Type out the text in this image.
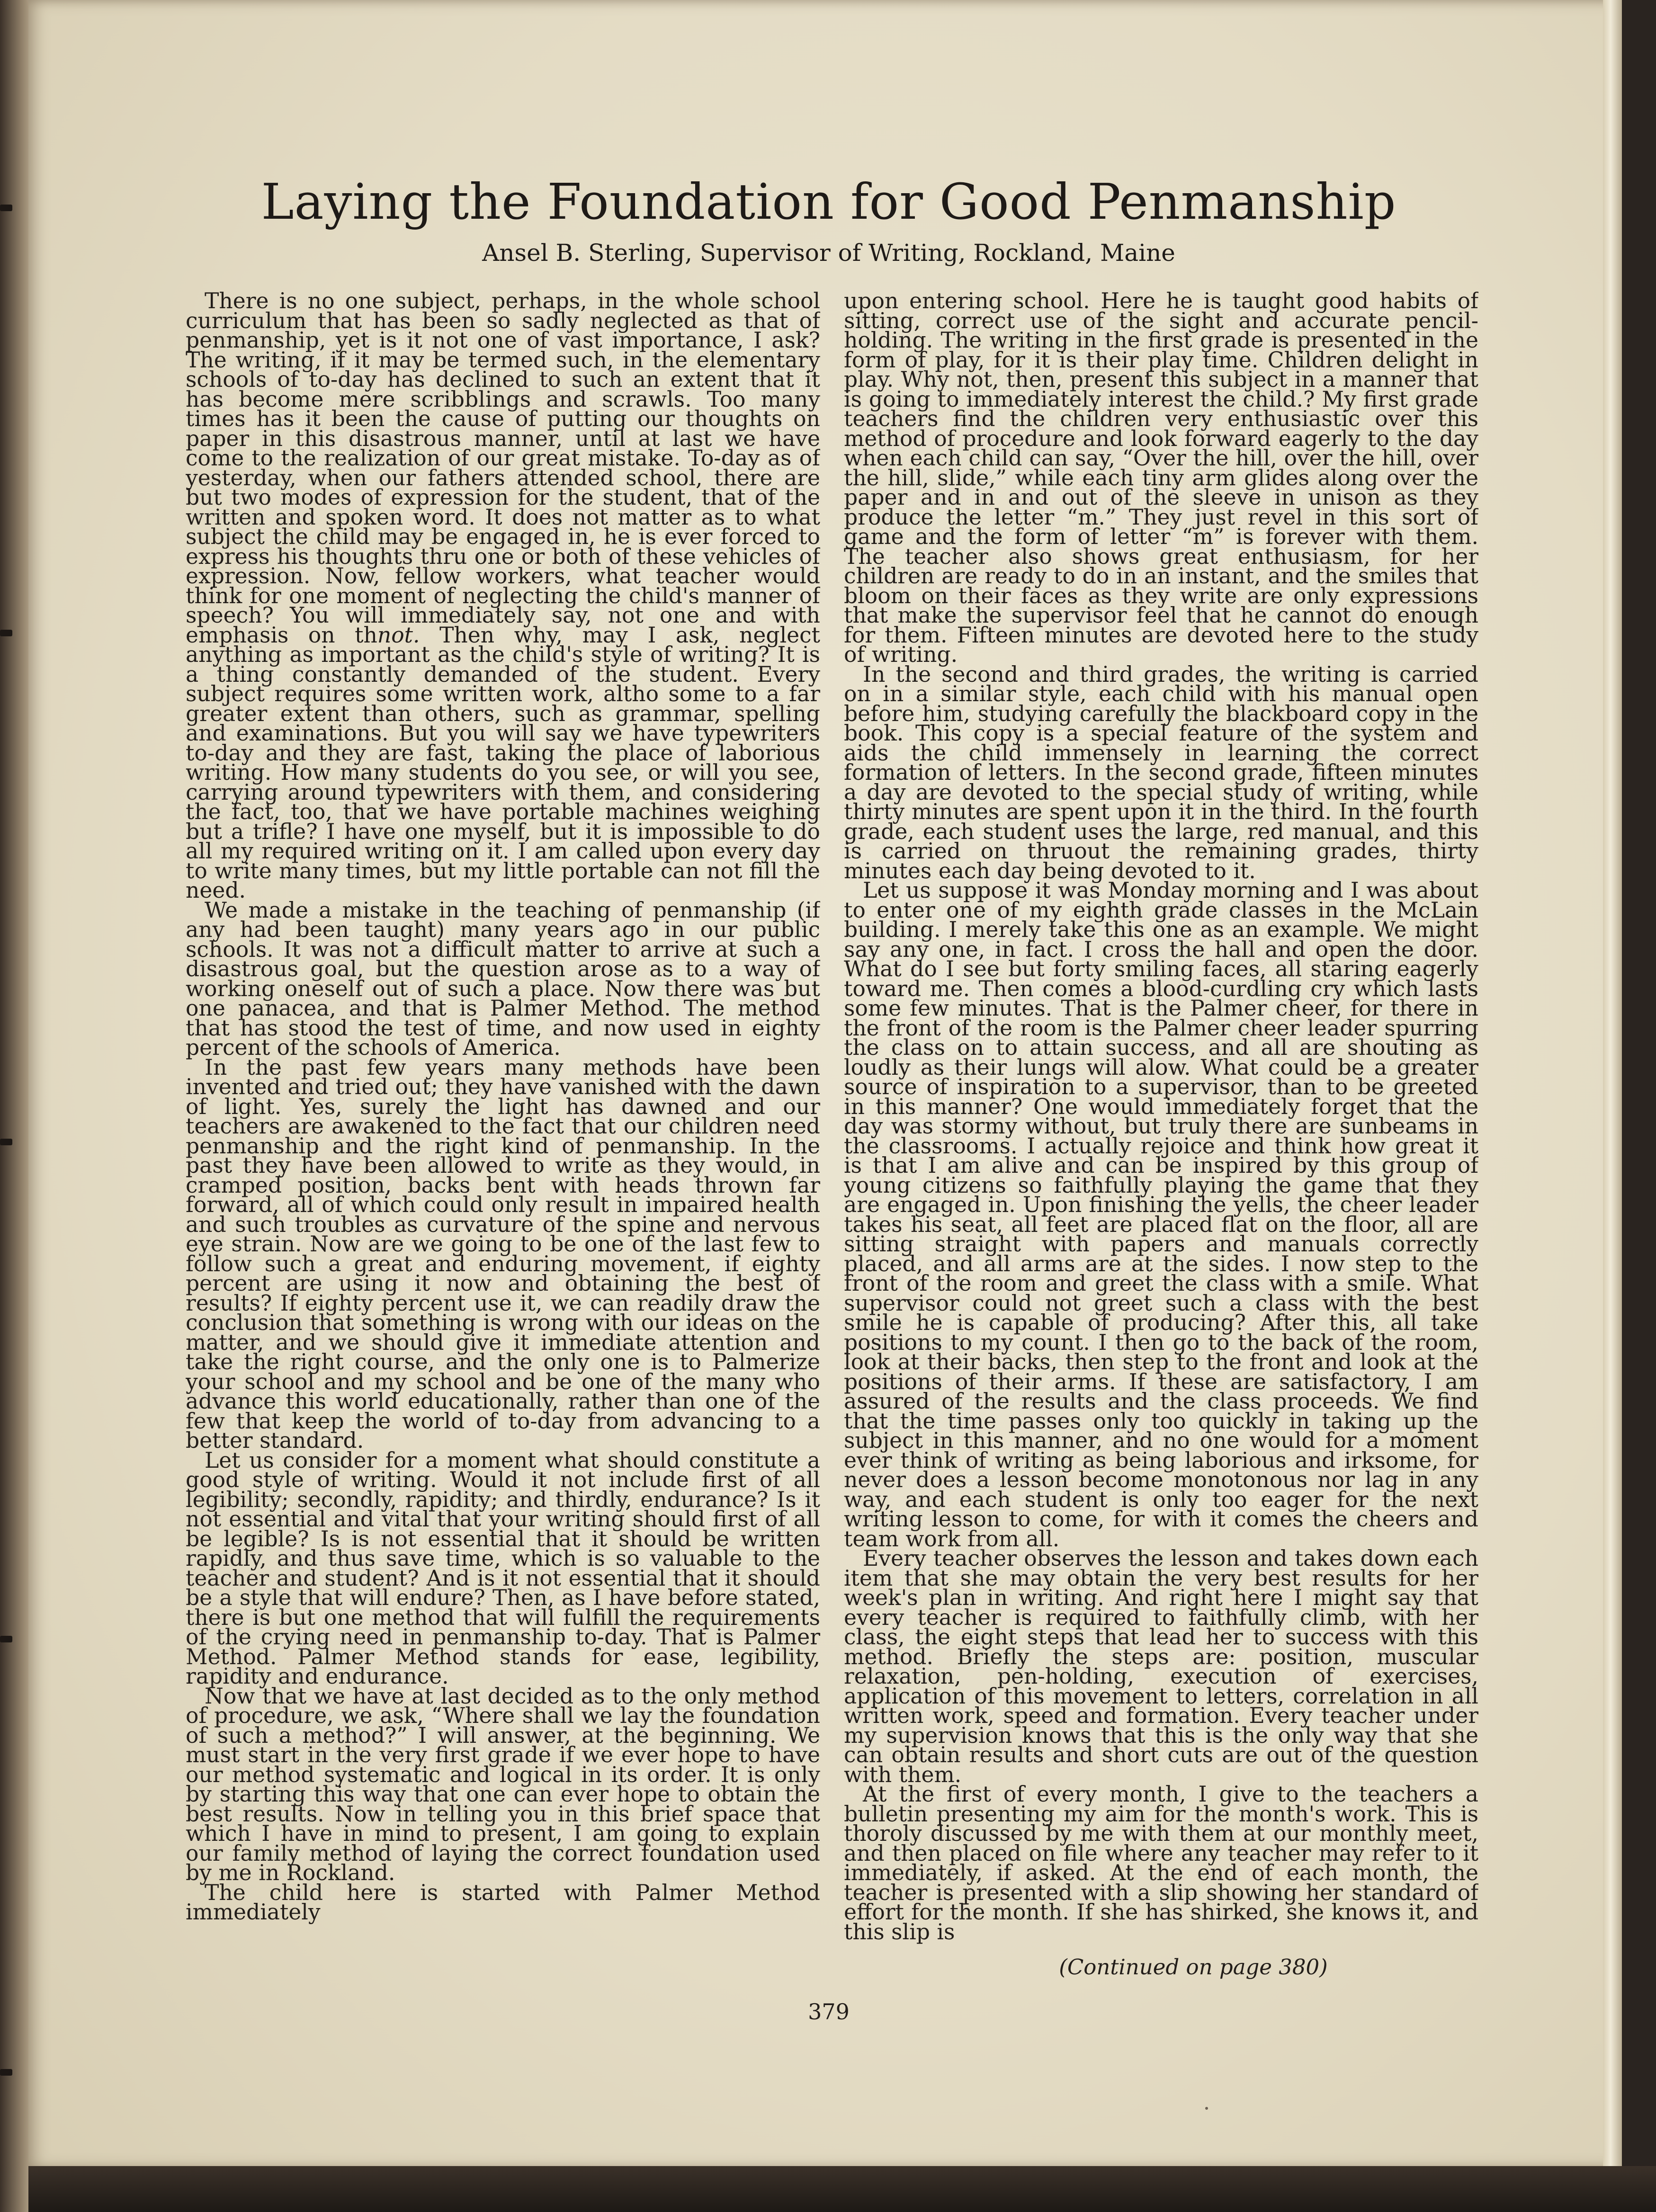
Laying the Foundation for Good Penmanship
Ansel B. Sterling, Supervisor of Writing, Rockland, Maine

There is no one subject, perhaps, in the whole school curriculum that has been so sadly neglected as that of penmanship, yet is it not one of vast importance, I ask? The writing, if it may be termed such, in the elementary schools of to-day has declined to such an extent that it has become mere scribblings and scrawls. Too many times has it been the cause of putting our thoughts on paper in this disastrous manner, until at last we have come to the realization of our great mistake. To-day as of yesterday, when our fathers attended school, there are but two modes of expression for the student, that of the written and spoken word. It does not matter as to what subject the child may be engaged in, he is ever forced to express his thoughts thru one or both of these vehicles of expression. Now, fellow workers, what teacher would think for one moment of neglecting the child's manner of speech? You will immediately say, not one and with emphasis on thnot. Then why, may I ask, neglect anything as important as the child's style of writing? It is a thing constantly demanded of the student. Every subject requires some written work, altho some to a far greater extent than others, such as grammar, spelling and examinations. But you will say we have typewriters to-day and they are fast, taking the place of laborious writing. How many students do you see, or will you see, carrying around typewriters with them, and considering the fact, too, that we have portable machines weighing but a trifle? I have one myself, but it is impossible to do all my required writing on it. I am called upon every day to write many times, but my little portable can not fill the need.

We made a mistake in the teaching of penmanship (if any had been taught) many years ago in our public schools. It was not a difficult matter to arrive at such a disastrous goal, but the question arose as to a way of working oneself out of such a place. Now there was but one panacea, and that is Palmer Method. The method that has stood the test of time, and now used in eighty percent of the schools of America.

In the past few years many methods have been invented and tried out; they have vanished with the dawn of light. Yes, surely the light has dawned and our teachers are awakened to the fact that our children need penmanship and the right kind of penmanship. In the past they have been allowed to write as they would, in cramped position, backs bent with heads thrown far forward, all of which could only result in impaired health and such troubles as curvature of the spine and nervous eye strain. Now are we going to be one of the last few to follow such a great and enduring movement, if eighty percent are using it now and obtaining the best of results? If eighty percent use it, we can readily draw the conclusion that something is wrong with our ideas on the matter, and we should give it immediate attention and take the right course, and the only one is to Palmerize your school and my school and be one of the many who advance this world educationally, rather than one of the few that keep the world of to-day from advancing to a better standard.

Let us consider for a moment what should constitute a good style of writing. Would it not include first of all legibility; secondly, rapidity; and thirdly, endurance? Is it not essential and vital that your writing should first of all be legible? Is is not essential that it should be written rapidly, and thus save time, which is so valuable to the teacher and student? And is it not essential that it should be a style that will endure? Then, as I have before stated, there is but one method that will fulfill the requirements of the crying need in penmanship to-day. That is Palmer Method. Palmer Method stands for ease, legibility, rapidity and endurance.

Now that we have at last decided as to the only method of procedure, we ask, “Where shall we lay the foundation of such a method?” I will answer, at the beginning. We must start in the very first grade if we ever hope to have our method systematic and logical in its order. It is only by starting this way that one can ever hope to obtain the best results. Now in telling you in this brief space that which I have in mind to present, I am going to explain our family method of laying the correct foundation used by me in Rockland.

The child here is started with Palmer Method immediately

upon entering school. Here he is taught good habits of sitting, correct use of the sight and accurate pencil-holding. The writing in the first grade is presented in the form of play, for it is their play time. Children delight in play. Why not, then, present this subject in a manner that is going to immediately interest the child.? My first grade teachers find the children very enthusiastic over this method of procedure and look forward eagerly to the day when each child can say, “Over the hill, over the hill, over the hill, slide,” while each tiny arm glides along over the paper and in and out of the sleeve in unison as they produce the letter “m.” They just revel in this sort of game and the form of letter “m” is forever with them. The teacher also shows great enthusiasm, for her children are ready to do in an instant, and the smiles that bloom on their faces as they write are only expressions that make the supervisor feel that he cannot do enough for them. Fifteen minutes are devoted here to the study of writing.

In the second and third grades, the writing is carried on in a similar style, each child with his manual open before him, studying carefully the blackboard copy in the book. This copy is a special feature of the system and aids the child immensely in learning the correct formation of letters. In the second grade, fifteen minutes a day are devoted to the special study of writing, while thirty minutes are spent upon it in the third. In the fourth grade, each student uses the large, red manual, and this is carried on thruout the remaining grades, thirty minutes each day being devoted to it.

Let us suppose it was Monday morning and I was about to enter one of my eighth grade classes in the McLain building. I merely take this one as an example. We might say any one, in fact. I cross the hall and open the door. What do I see but forty smiling faces, all staring eagerly toward me. Then comes a blood-curdling cry which lasts some few minutes. That is the Palmer cheer, for there in the front of the room is the Palmer cheer leader spurring the class on to attain success, and all are shouting as loudly as their lungs will alow. What could be a greater source of inspiration to a supervisor, than to be greeted in this manner? One would immediately forget that the day was stormy without, but truly there are sunbeams in the classrooms. I actually rejoice and think how great it is that I am alive and can be inspired by this group of young citizens so faithfully playing the game that they are engaged in. Upon finishing the yells, the cheer leader takes his seat, all feet are placed flat on the floor, all are sitting straight with papers and manuals correctly placed, and all arms are at the sides. I now step to the front of the room and greet the class with a smile. What supervisor could not greet such a class with the best smile he is capable of producing? After this, all take positions to my count. I then go to the back of the room, look at their backs, then step to the front and look at the positions of their arms. If these are satisfactory, I am assured of the results and the class proceeds. We find that the time passes only too quickly in taking up the subject in this manner, and no one would for a moment ever think of writing as being laborious and irksome, for never does a lesson become monotonous nor lag in any way, and each student is only too eager for the next writing lesson to come, for with it comes the cheers and team work from all.

Every teacher observes the lesson and takes down each item that she may obtain the very best results for her week's plan in writing. And right here I might say that every teacher is required to faithfully climb, with her class, the eight steps that lead her to success with this method. Briefly the steps are: position, muscular relaxation, pen-holding, execution of exercises, application of this movement to letters, correlation in all written work, speed and formation. Every teacher under my supervision knows that this is the only way that she can obtain results and short cuts are out of the question with them.

At the first of every month, I give to the teachers a bulletin presenting my aim for the month's work. This is thoroly discussed by me with them at our monthly meet, and then placed on file where any teacher may refer to it immediately, if asked. At the end of each month, the teacher is presented with a slip showing her standard of effort for the month. If she has shirked, she knows it, and this slip is

(Continued on page 380)
379
